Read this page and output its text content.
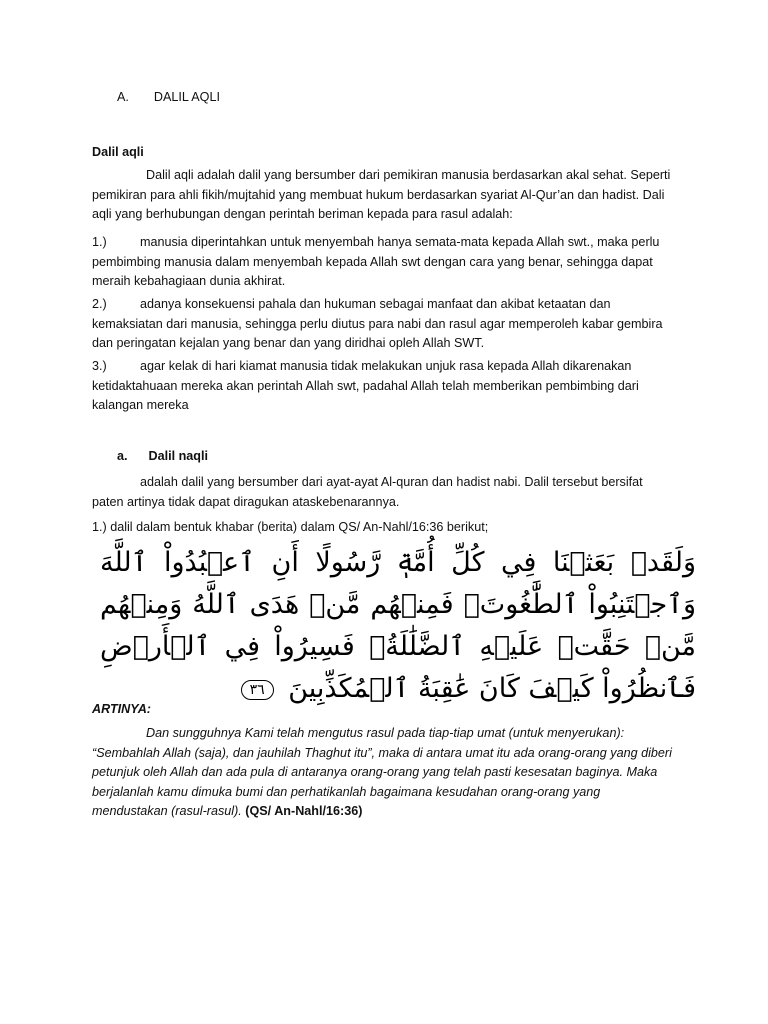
A. DALIL AQLI
Dalil aqli
Dalil aqli adalah dalil yang bersumber dari pemikiran manusia berdasarkan akal sehat. Seperti pemikiran para ahli fikih/mujtahid yang membuat hukum berdasarkan syariat Al-Qur’an dan hadist. Dali aqli yang berhubungan dengan perintah beriman kepada para rasul adalah:
1.)	manusia diperintahkan untuk menyembah hanya semata-mata kepada Allah swt., maka perlu pembimbing manusia dalam menyembah kepada Allah swt dengan cara yang benar, sehingga dapat meraih kebahagiaan dunia akhirat.
2.)	adanya konsekuensi pahala dan hukuman sebagai manfaat dan akibat ketaatan dan kemaksiatan dari manusia, sehingga perlu diutus para nabi dan rasul agar memperoleh kabar gembira dan peringatan kejalan yang benar dan yang diridhai opleh Allah SWT.
3.)	agar kelak di hari kiamat manusia tidak melakukan unjuk rasa kepada Allah dikarenakan ketidaktahuaan mereka akan perintah Allah swt, padahal Allah telah memberikan pembimbing dari kalangan mereka
a. Dalil naqli
adalah dalil yang bersumber dari ayat-ayat Al-quran dan hadist nabi. Dalil tersebut bersifat paten artinya tidak dapat diragukan ataskebenarannya.
1.) dalil dalam bentuk khabar (berita) dalam QS/ An-Nahl/16:36 berikut;
وَلَقَدۡ بَعَثۡنَا فِي كُلِّ أُمَّةٖ رَّسُولًا أَنِ ٱعۡبُدُواْ ٱللَّهَ وَٱجۡتَنِبُواْ ٱلطَّٰغُوتَۖ فَمِنۡهُم مَّنۡ هَدَى ٱللَّهُ وَمِنۡهُم مَّنۡ حَقَّتۡ عَلَيۡهِ ٱلضَّلَٰلَةُۚ فَسِيرُواْ فِي ٱلۡأَرۡضِ فَٱنظُرُواْ كَيۡفَ كَانَ عَٰقِبَةُ ٱلۡمُكَذِّبِينَ ٣٦
ARTINYA:
Dan sungguhnya Kami telah mengutus rasul pada tiap-tiap umat (untuk menyerukan): “Sembahlah Allah (saja), dan jauhilah Thaghut itu”, maka di antara umat itu ada orang-orang yang diberi petunjuk oleh Allah dan ada pula di antaranya orang-orang yang telah pasti kesesatan baginya. Maka berjalanlah kamu dimuka bumi dan perhatikanlah bagaimana kesudahan orang-orang yang mendustakan (rasul-rasul). (QS/ An-Nahl/16:36)
